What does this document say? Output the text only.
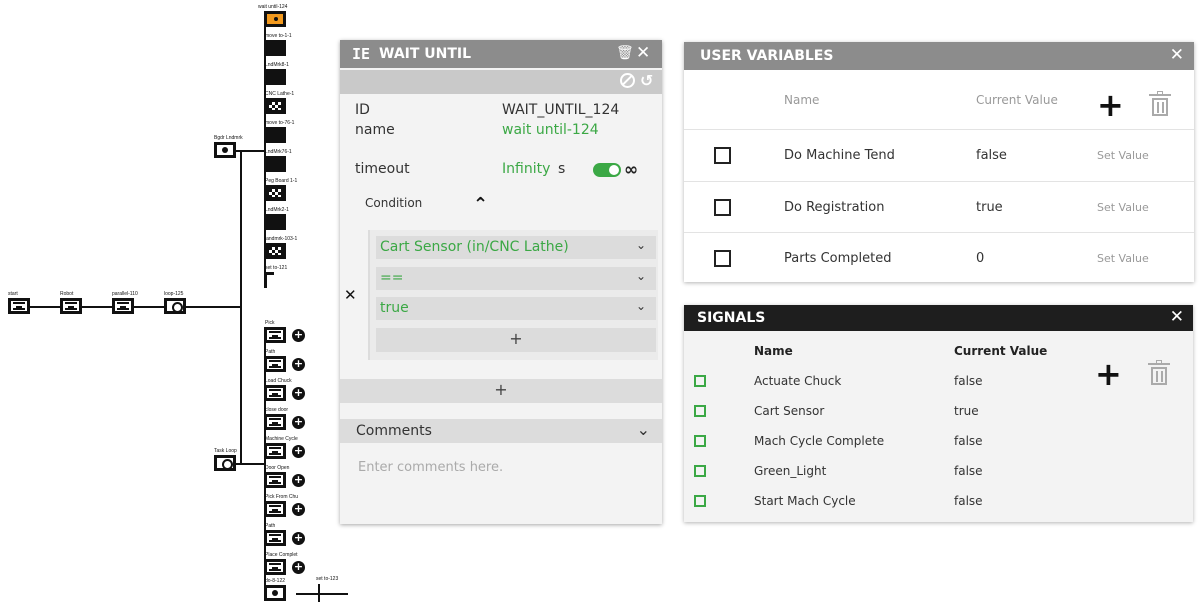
start	Robot	parallel-110	loop-125
Bgdr Lndmrk
Task Loop
wait until-124
move to-1-1
LndMrk8-1
CNC Lathe-1
move to-76-1
LndMrk76-1
Peg Board 1-1
LndMrk2-1
landmrk-103-1
set to-121
Pick
+
Path
+
Load Chuck
+
close door
+
Machine Cycle
+
Door Open
+
Pick From Chu
+
Path
+
Place Complet
+
do-8-122	set to-123
IE WAIT UNTIL	🗑 ✕
↺
ID	WAIT_UNTIL_124
name	wait until-124
timeout	Infinity s	∞
Condition	⌃
✕
Cart Sensor (in/CNC Lathe)	⌄
==	⌄
true	⌄
+
+
Comments	⌄
Enter comments here.
USER VARIABLES	✕
Name	Current Value +
Do Machine Tend	false	Set Value
Do Registration	true	Set Value
Parts Completed	0	Set Value
SIGNALS	✕
Name	Current Value
+
Actuate Chuck	false
Cart Sensor	true
Mach Cycle Complete	false
Green_Light	false
Start Mach Cycle	false
